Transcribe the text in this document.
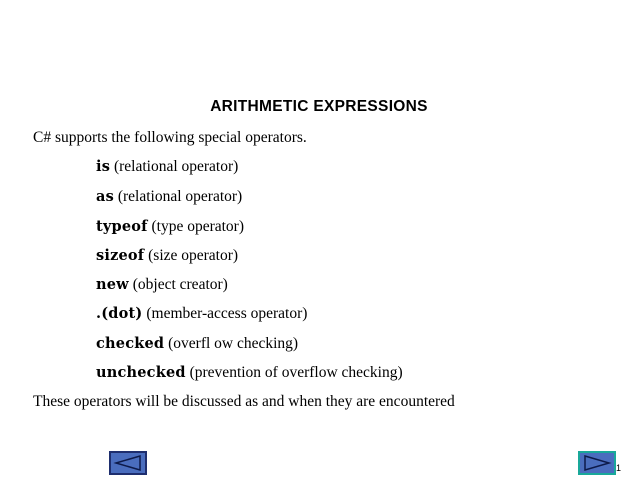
ARITHMETIC EXPRESSIONS
C# supports the following special operators.
is (relational operator)
as (relational operator)
typeof (type operator)
sizeof (size operator)
new (object creator)
.(dot) (member-access operator)
checked (overfl ow checking)
unchecked (prevention of overflow checking)
These operators will be discussed as and when they are encountered
1
